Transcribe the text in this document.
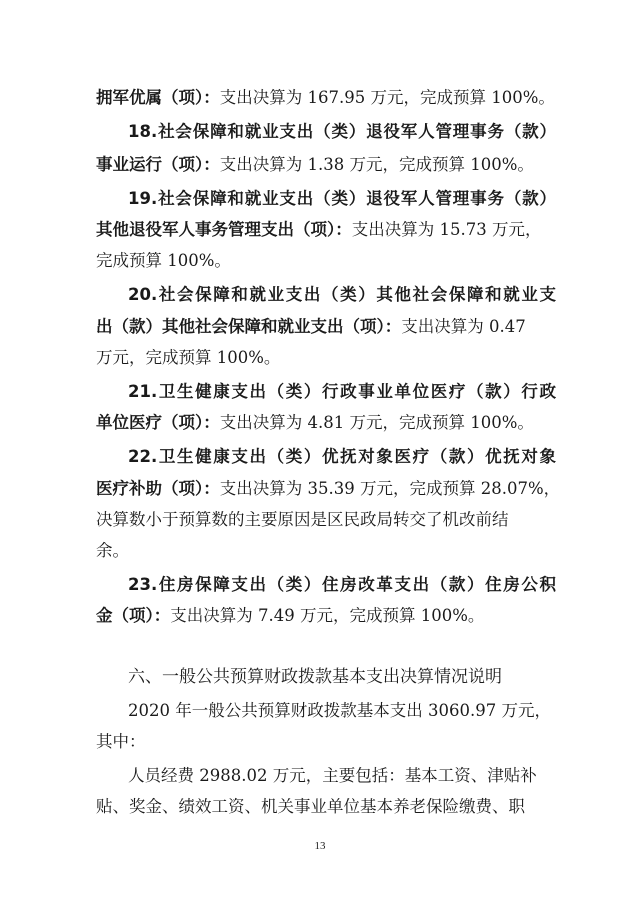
拥军优属（项）：支出决算为 167.95 万元，完成预算 100%。
18.社会保障和就业支出（类）退役军人管理事务（款）
事业运行（项）：支出决算为 1.38 万元，完成预算 100%。
19.社会保障和就业支出（类）退役军人管理事务（款）
其他退役军人事务管理支出（项）：支出决算为 15.73 万元，
完成预算 100%。
20.社会保障和就业支出（类）其他社会保障和就业支
出（款）其他社会保障和就业支出（项）：支出决算为 0.47
万元，完成预算 100%。
21.卫生健康支出（类）行政事业单位医疗（款）行政
单位医疗（项）：支出决算为 4.81 万元，完成预算 100%。
22.卫生健康支出（类）优抚对象医疗（款）优抚对象
医疗补助（项）：支出决算为 35.39 万元，完成预算 28.07%，
决算数小于预算数的主要原因是区民政局转交了机改前结
余。
23.住房保障支出（类）住房改革支出（款）住房公积
金（项）：支出决算为 7.49 万元，完成预算 100%。
六、一般公共预算财政拨款基本支出决算情况说明
2020 年一般公共预算财政拨款基本支出 3060.97 万元，
其中：
人员经费 2988.02 万元，主要包括：基本工资、津贴补
贴、奖金、绩效工资、机关事业单位基本养老保险缴费、职
13
